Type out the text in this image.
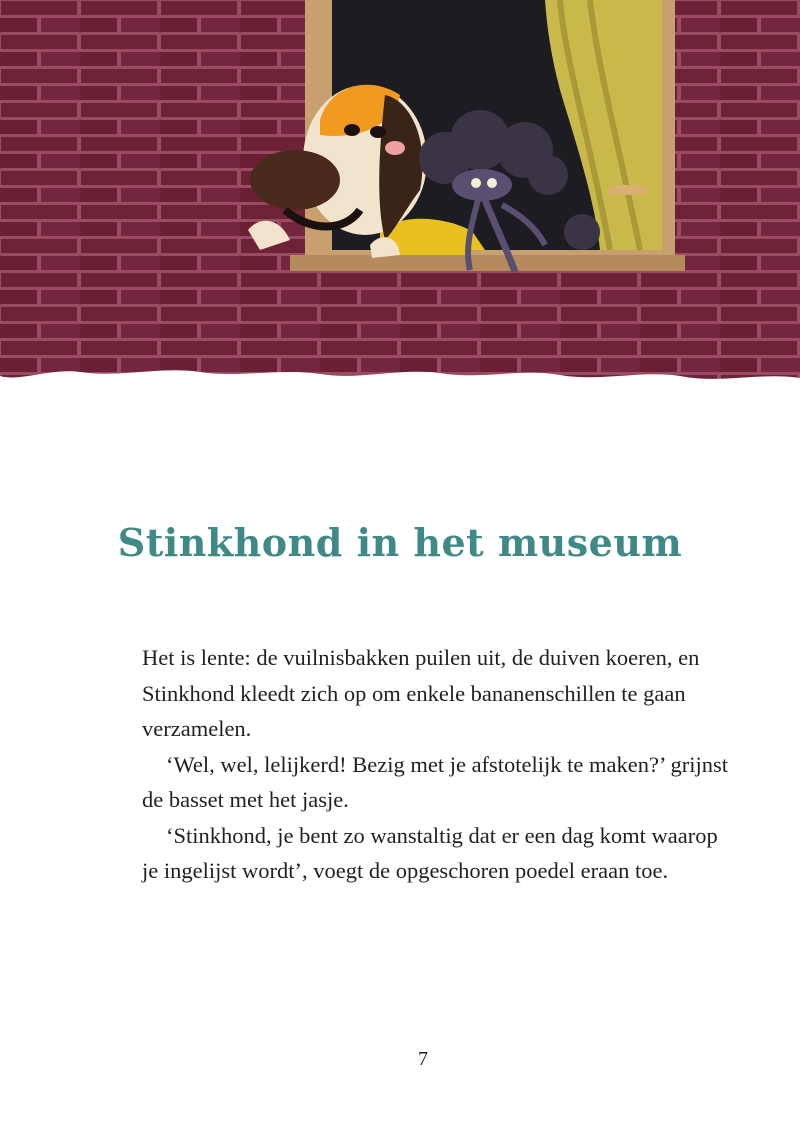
Stinkhond in het museum

Het is lente: de vuilnisbakken puilen uit, de duiven koeren, en Stinkhond kleedt zich op om enkele bananenschillen te gaan verzamelen.

‘Wel, wel, lelijkerd! Bezig met je afstotelijk te maken?’ grijnst de basset met het jasje.

‘Stinkhond, je bent zo wanstaltig dat er een dag komt waarop je ingelijst wordt’, voegt de opgeschoren poedel eraan toe.

7
